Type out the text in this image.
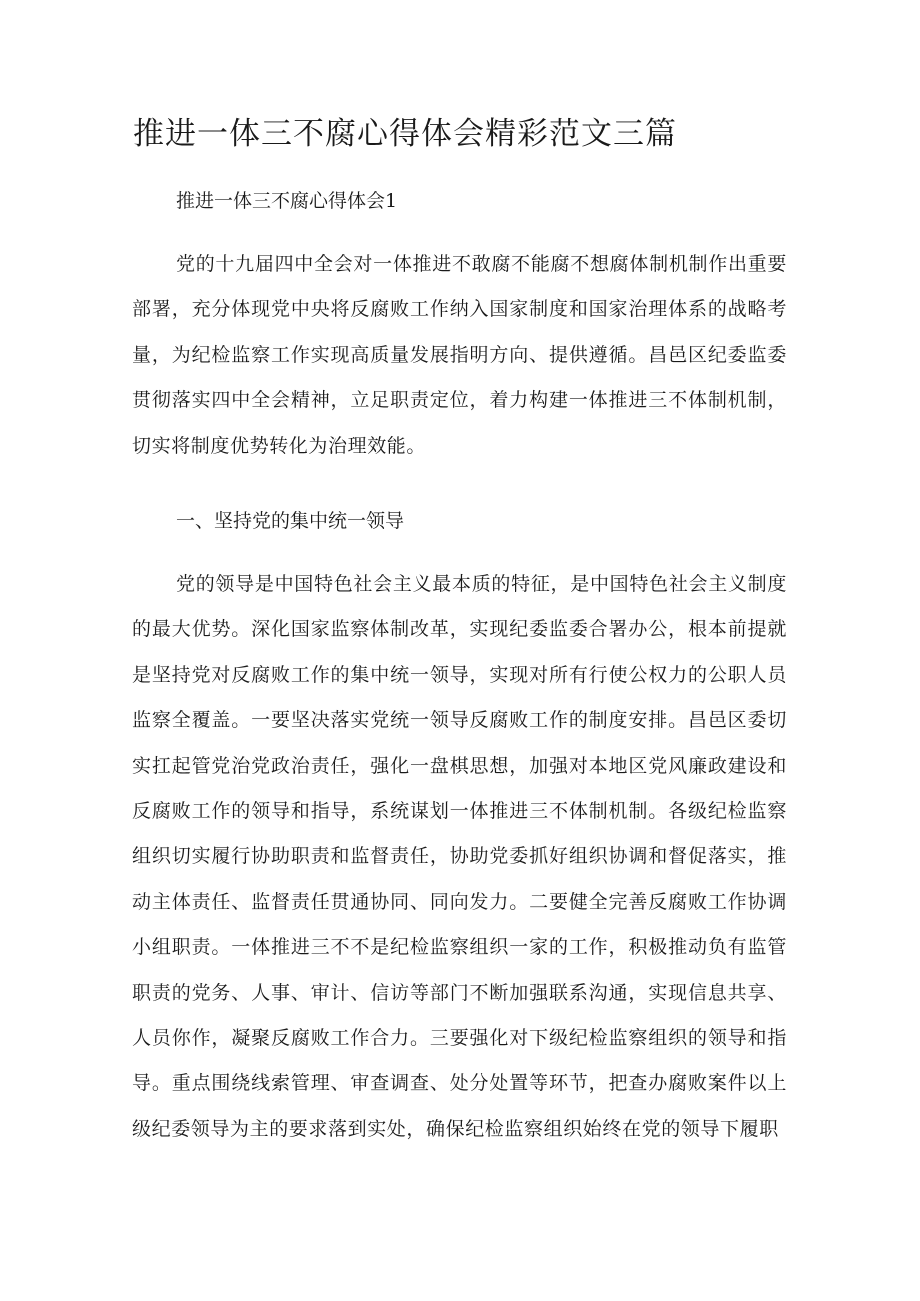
推进一体三不腐心得体会精彩范文三篇

推进一体三不腐心得体会1

党的十九届四中全会对一体推进不敢腐不能腐不想腐体制机制作出重要部署，充分体现党中央将反腐败工作纳入国家制度和国家治理体系的战略考量，为纪检监察工作实现高质量发展指明方向、提供遵循。昌邑区纪委监委贯彻落实四中全会精神，立足职责定位，着力构建一体推进三不体制机制，切实将制度优势转化为治理效能。

一、坚持党的集中统一领导

党的领导是中国特色社会主义最本质的特征，是中国特色社会主义制度的最大优势。深化国家监察体制改革，实现纪委监委合署办公，根本前提就是坚持党对反腐败工作的集中统一领导，实现对所有行使公权力的公职人员监察全覆盖。一要坚决落实党统一领导反腐败工作的制度安排。昌邑区委切实扛起管党治党政治责任，强化一盘棋思想，加强对本地区党风廉政建设和反腐败工作的领导和指导，系统谋划一体推进三不体制机制。各级纪检监察组织切实履行协助职责和监督责任，协助党委抓好组织协调和督促落实，推动主体责任、监督责任贯通协同、同向发力。二要健全完善反腐败工作协调小组职责。一体推进三不不是纪检监察组织一家的工作，积极推动负有监管职责的党务、人事、审计、信访等部门不断加强联系沟通，实现信息共享、人员你作，凝聚反腐败工作合力。三要强化对下级纪检监察组织的领导和指导。重点围绕线索管理、审查调查、处分处置等环节，把查办腐败案件以上级纪委领导为主的要求落到实处，确保纪检监察组织始终在党的领导下履职
